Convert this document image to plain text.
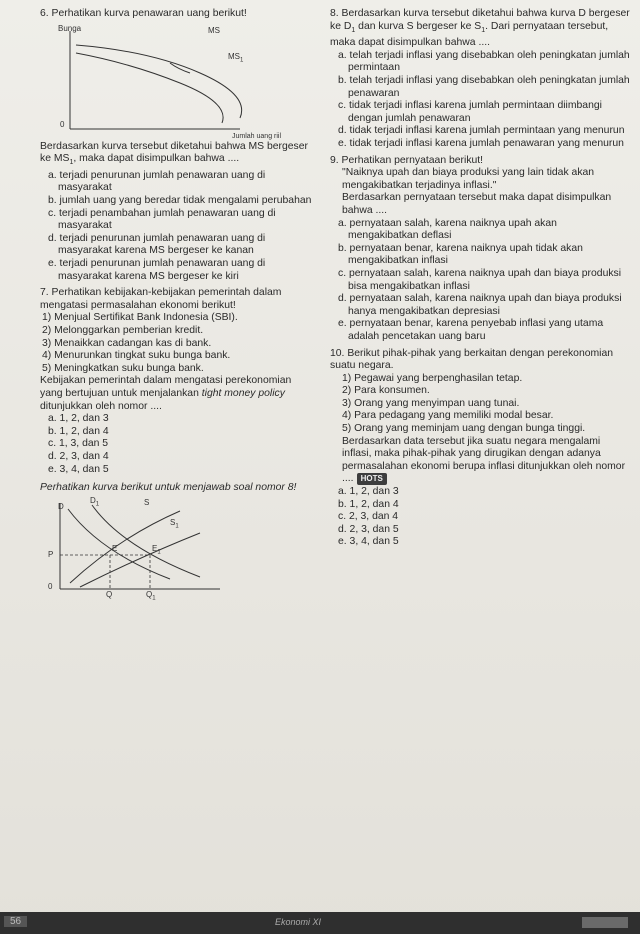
6. Perhatikan kurva penawaran uang berikut!

Bunga	MS
$MS_1$
0
Jumlah uang riil

Berdasarkan kurva tersebut diketahui bahwa MS bergeser ke $MS_1$, maka dapat disimpulkan bahwa ....

a. terjadi penurunan jumlah penawaran uang di masyarakat

b. jumlah uang yang beredar tidak mengalami perubahan

c. terjadi penambahan jumlah penawaran uang di masyarakat

d. terjadi penurunan jumlah penawaran uang di masyarakat karena MS bergeser ke kanan

e. terjadi penurunan jumlah penawaran uang di masyarakat karena MS bergeser ke kiri

7. Perhatikan kebijakan-kebijakan pemerintah dalam mengatasi permasalahan ekonomi berikut!

1) Menjual Sertifikat Bank Indonesia (SBI).

2) Melonggarkan pemberian kredit.

3) Menaikkan cadangan kas di bank.

4) Menurunkan tingkat suku bunga bank.

5) Meningkatkan suku bunga bank.

Kebijakan pemerintah dalam mengatasi perekonomian yang bertujuan untuk menjalankan tight money policy ditunjukkan oleh nomor ....

a. 1, 2, dan 3

b. 1, 2, dan 4

c. 1, 3, dan 5

d. 2, 3, dan 4

e. 3, 4, dan 5

Perhatikan kurva berikut untuk menjawab soal nomor 8!

D
$D_1$	S
$S_1$
E	$E_1$
P
0
Q	$Q_1$

8. Berdasarkan kurva tersebut diketahui bahwa kurva D bergeser ke $D_1$ dan kurva S bergeser ke $S_1$. Dari pernyataan tersebut, maka dapat disimpulkan bahwa ....

a. telah terjadi inflasi yang disebabkan oleh peningkatan jumlah permintaan

b. telah terjadi inflasi yang disebabkan oleh peningkatan jumlah penawaran

c. tidak terjadi inflasi karena jumlah permintaan diimbangi dengan jumlah penawaran

d. tidak terjadi inflasi karena jumlah permintaan yang menurun

e. tidak terjadi inflasi karena jumlah penawaran yang menurun

9. Perhatikan pernyataan berikut!

"Naiknya upah dan biaya produksi yang lain tidak akan mengakibatkan terjadinya inflasi."

Berdasarkan pernyataan tersebut maka dapat disimpulkan bahwa ....

a. pernyataan salah, karena naiknya upah akan mengakibatkan deflasi

b. pernyataan benar, karena naiknya upah tidak akan mengakibatkan inflasi

c. pernyataan salah, karena naiknya upah dan biaya produksi bisa mengakibatkan inflasi

d. pernyataan salah, karena naiknya upah dan biaya produksi hanya mengakibatkan depresiasi

e. pernyataan benar, karena penyebab inflasi yang utama adalah pencetakan uang baru

10. Berikut pihak-pihak yang berkaitan dengan perekonomian suatu negara.

1) Pegawai yang berpenghasilan tetap.

2) Para konsumen.

3) Orang yang menyimpan uang tunai.

4) Para pedagang yang memiliki modal besar.

5) Orang yang meminjam uang dengan bunga tinggi.

Berdasarkan data tersebut jika suatu negara mengalami inflasi, maka pihak-pihak yang dirugikan dengan adanya permasalahan ekonomi berupa inflasi ditunjukkan oleh nomor .... HOTS

a. 1, 2, dan 3

b. 1, 2, dan 4

c. 2, 3, dan 4

d. 2, 3, dan 5

e. 3, 4, dan 5

56	Ekonomi XI
